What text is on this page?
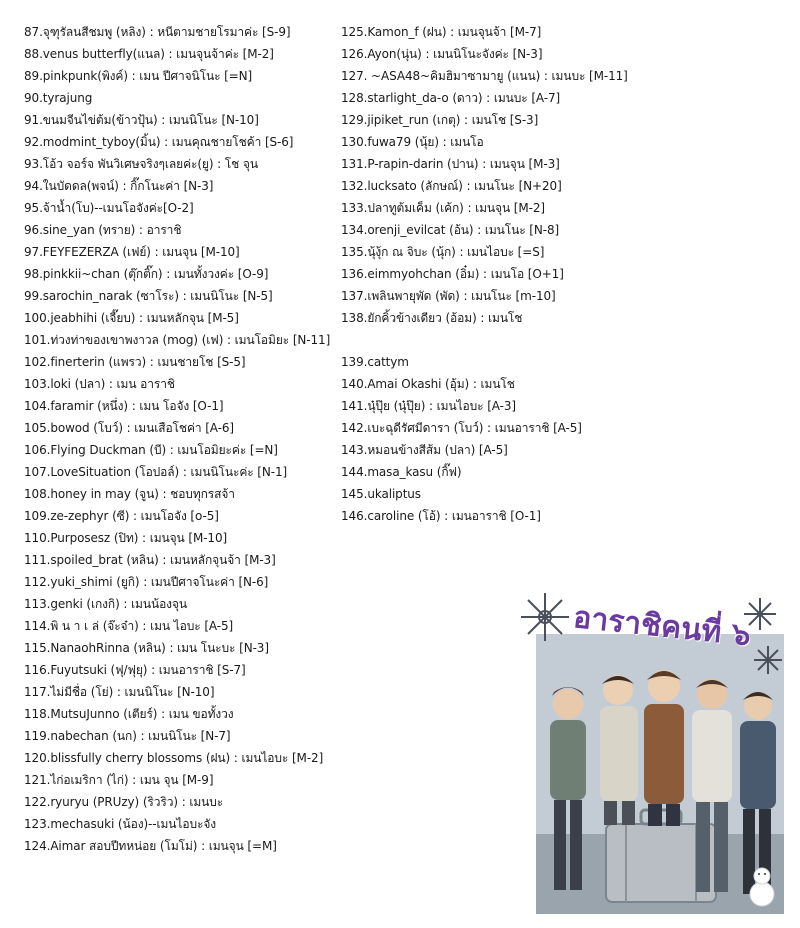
87.จุฑุรัลนสีชมพู (หลิง) : หนีตามชายโรมาค่ะ [S-9]
88.venus butterfly(แนล) : เมนจุนจ้าค่ะ [M-2]
89.pinkpunk(พิงค์) : เมน ปีศาจนิโนะ [=N]
90.tyrajung
91.ขนมจีนไข่ต้ม(ข้าวปุ้น) : เมนนิโนะ [N-10]
92.modmint_tyboy(มิ้น) : เมนคุณชายโชค้า [S-6]
93.โอ้ว จอร์จ พันวิเศษจริงๆเลยค่ะ(ยู) : โช จุน
94.ในบัดดล(พจน์) : กิ๊กโนะค่า [N-3]
95.จ้าน้ำ(โบ)--เมนโอจังค่ะ[O-2]
96.sine_yan (ทราย) : อาราชิ
97.FEYFEZERZA (เฟย์) : เมนจุน [M-10]
98.pinkkii~chan (ตุ๊กติ๊ก) : เมนทั้งวงค่ะ [O-9]
99.sarochin_narak (ซาโระ) : เมนนิโนะ [N-5]
100.jeabhihi (เจี๊ยบ) : เมนหลักจุน [M-5]
101.ท่วงท่าของเขาพงาวล (mog) (เฟ) : เมนโอมิยะ [N-11]
102.finerterin (แพรว) : เมนชายโช [S-5]
103.loki (ปลา) : เมน อาราชิ
104.faramir (หนึ่ง) : เมน โอจัง [O-1]
105.bowod (โบว์) : เมนเสือโชค่า [A-6]
106.Flying Duckman (บี) : เมนโอมิยะค่ะ [=N]
107.LoveSituation (โอปอล์) : เมนนิโนะค่ะ [N-1]
108.honey in may (จูน) : ชอบทุกรสจ้า
109.ze-zephyr (ซี) : เมนโอจัง [o-5]
110.Purposesz (ปิท) : เมนจุน [M-10]
111.spoiled_brat (หลิน) : เมนหลักจุนจ้า [M-3]
112.yuki_shimi (ยูกิ) : เมนปีศาจโนะค่า [N-6]
113.genki (เกงกิ) : เมนน้องจุน
114.พิ น า เ ล่ (จ๊ะจ๋า) : เมน ไอบะ [A-5]
115.NanaohRinna (หลิน) : เมน โนะบะ [N-3]
116.Fuyutsuki (ฟุ/ฟุยุ) : เมนอาราชิ [S-7]
117.ไม่มีชื่อ (โย่) : เมนนิโนะ [N-10]
118.MutsuJunno (เตียร์) : เมน ขอทั้งวง
119.nabechan (นก) : เมนนิโนะ [N-7]
120.blissfully cherry blossoms (ฝน) : เมนไอบะ [M-2]
121.ไก่อเมริกา (ไก่) : เมน จุน [M-9]
122.ryuryu (PRUzy) (ริวริว) : เมนบะ
123.mechasuki (น้อง)--เมนไอบะจัง
124.Aimar สอบปีทหน่อย (โมโม่) : เมนจุน [=M]
125.Kamon_f (ฝน) : เมนจุนจ้า [M-7]
126.Ayon(นุ่น) : เมนนิโนะจังค่ะ [N-3]
127. ~ASA48~คิมฮิมาซามายู (แนน) : เมนบะ [M-11]
128.starlight_da-o (ดาว) : เมนบะ [A-7]
129.jipiket_run (เกตุ) : เมนโช [S-3]
130.fuwa79 (นุ้ย) : เมนโอ
131.P-rapin-darin (ปาน) : เมนจุน [M-3]
132.lucksato (ลักษณ์) : เมนโนะ [N+20]
133.ปลาทูต้มเค็ม (เค้ก) : เมนจุน [M-2]
134.orenji_evilcat (อ้น) : เมนโนะ [N-8]
135.นุ้งุ้ก ณ จิบะ (นุ้ก) : เมนไอบะ [=S]
136.eimmyohchan (อิ๋ม) : เมนโอ [O+1]
137.เพลินพายุพัด (พัด) : เมนโนะ [m-10]
138.ยักคิ้วข้างเดียว (อ้อม) : เมนโช
139.cattym
140.Amai Okashi (อุ้ม) : เมนโช
141.นุ๋ปุ๊ย (นุ๋ปุ๊ย) : เมนไอบะ [A-3]
142.เบะฉุดีรัศมีดารา (โบว์) : เมนอาราชิ [A-5]
143.หมอนข้างสีส้ม (ปลา) [A-5]
144.masa_kasu (กิ๊ฟ)
145.ukaliptus
146.caroline (โอ้) : เมนอาราชิ [O-1]
อาราชิคนที่ ๖
